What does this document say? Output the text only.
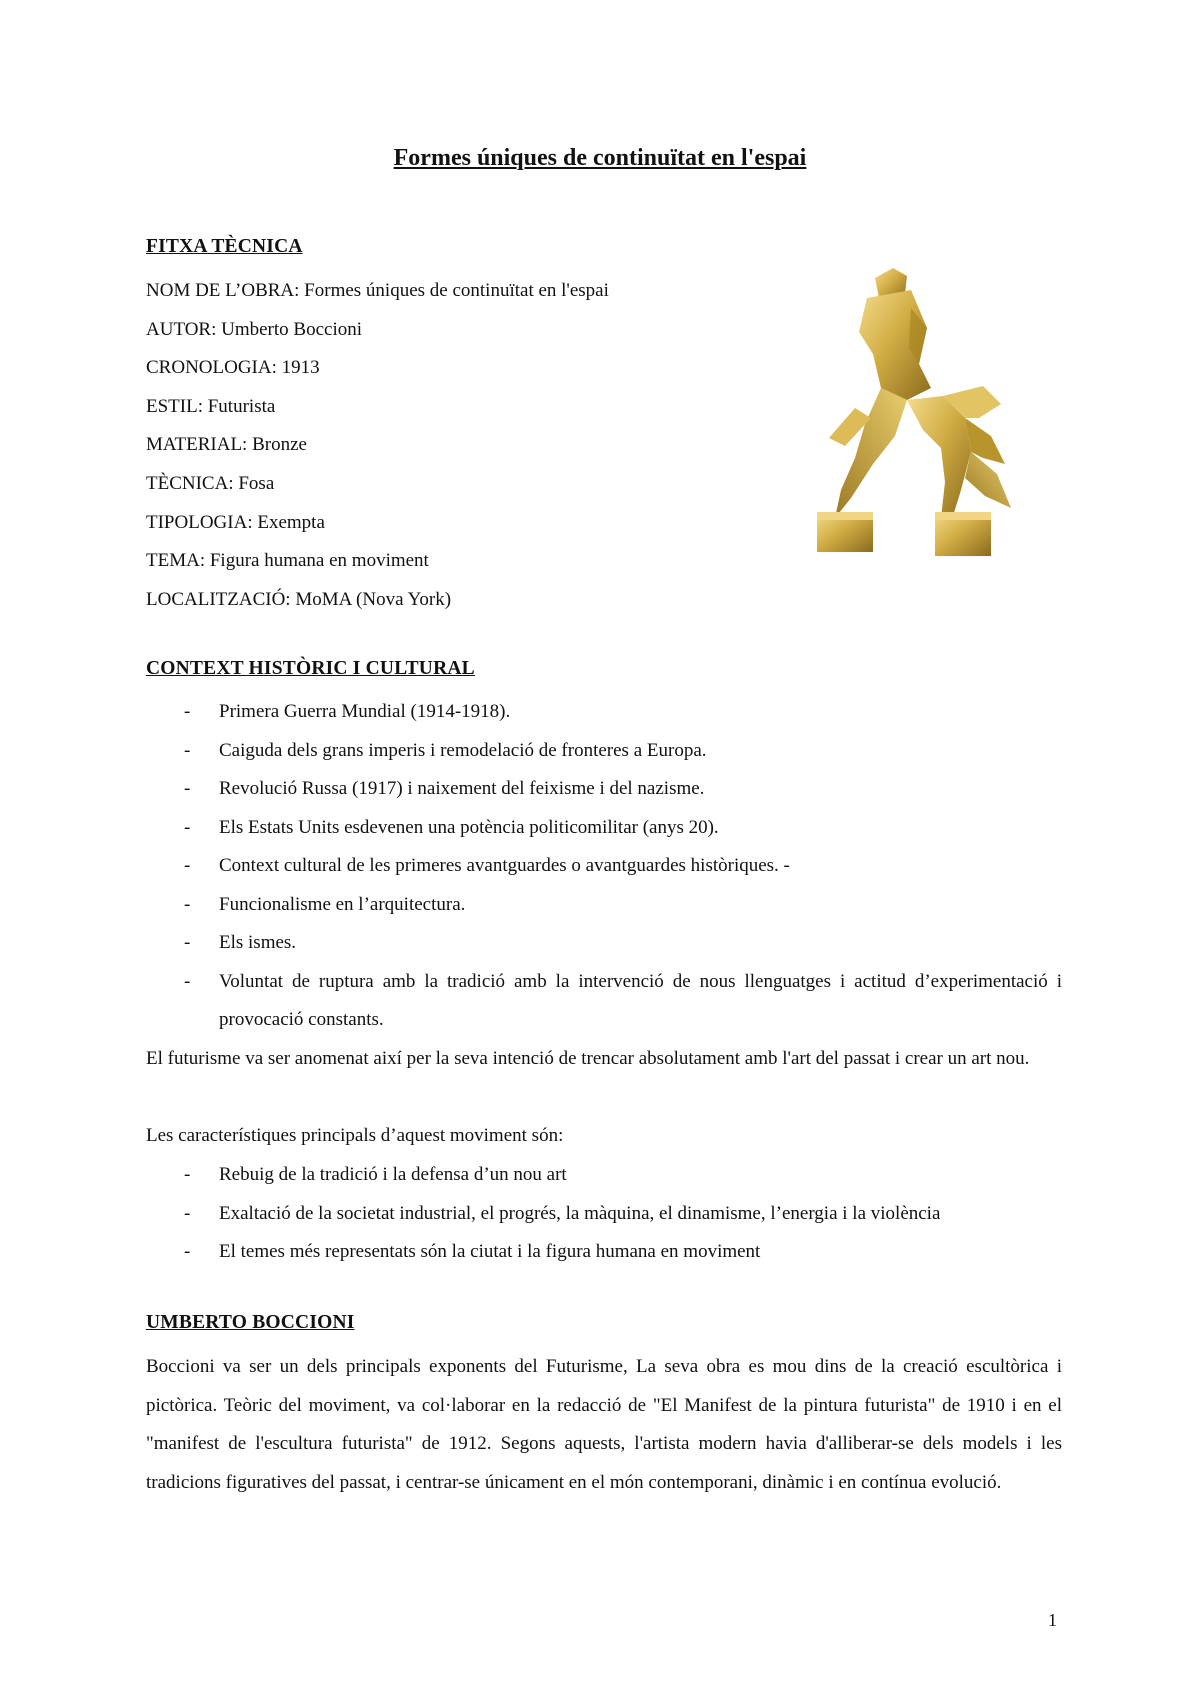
Formes úniques de continuïtat en l'espai
FITXA TÈCNICA
NOM DE L’OBRA: Formes úniques de continuïtat en l'espai
AUTOR: Umberto Boccioni
CRONOLOGIA: 1913
ESTIL: Futurista
MATERIAL: Bronze
TÈCNICA: Fosa
TIPOLOGIA: Exempta
TEMA: Figura humana en moviment
LOCALITZACIÓ: MoMA (Nova York)
CONTEXT HISTÒRIC I CULTURAL
- Primera Guerra Mundial (1914-1918).
- Caiguda dels grans imperis i remodelació de fronteres a Europa.
- Revolució Russa (1917) i naixement del feixisme i del nazisme.
- Els Estats Units esdevenen una potència politicomilitar (anys 20).
- Context cultural de les primeres avantguardes o avantguardes històriques. -
- Funcionalisme en l’arquitectura.
- Els ismes.
- Voluntat de ruptura amb la tradició amb la intervenció de nous llenguatges i actitud d’experimentació i provocació constants.

El futurisme va ser anomenat així per la seva intenció de trencar absolutament amb l'art del passat i crear un art nou.

Les característiques principals d’aquest moviment són:

- Rebuig de la tradició i la defensa d’un nou art
- Exaltació de la societat industrial, el progrés, la màquina, el dinamisme, l’energia i la violència
- El temes més representats són la ciutat i la figura humana en moviment
UMBERTO BOCCIONI

Boccioni va ser un dels principals exponents del Futurisme, La seva obra es mou dins de la creació escultòrica i pictòrica. Teòric del moviment, va col·laborar en la redacció de "El Manifest de la pintura futurista" de 1910 i en el "manifest de l'escultura futurista" de 1912. Segons aquests, l'artista modern havia d'alliberar-se dels models i les tradicions figuratives del passat, i centrar-se únicament en el món contemporani, dinàmic i en contínua evolució.

1
